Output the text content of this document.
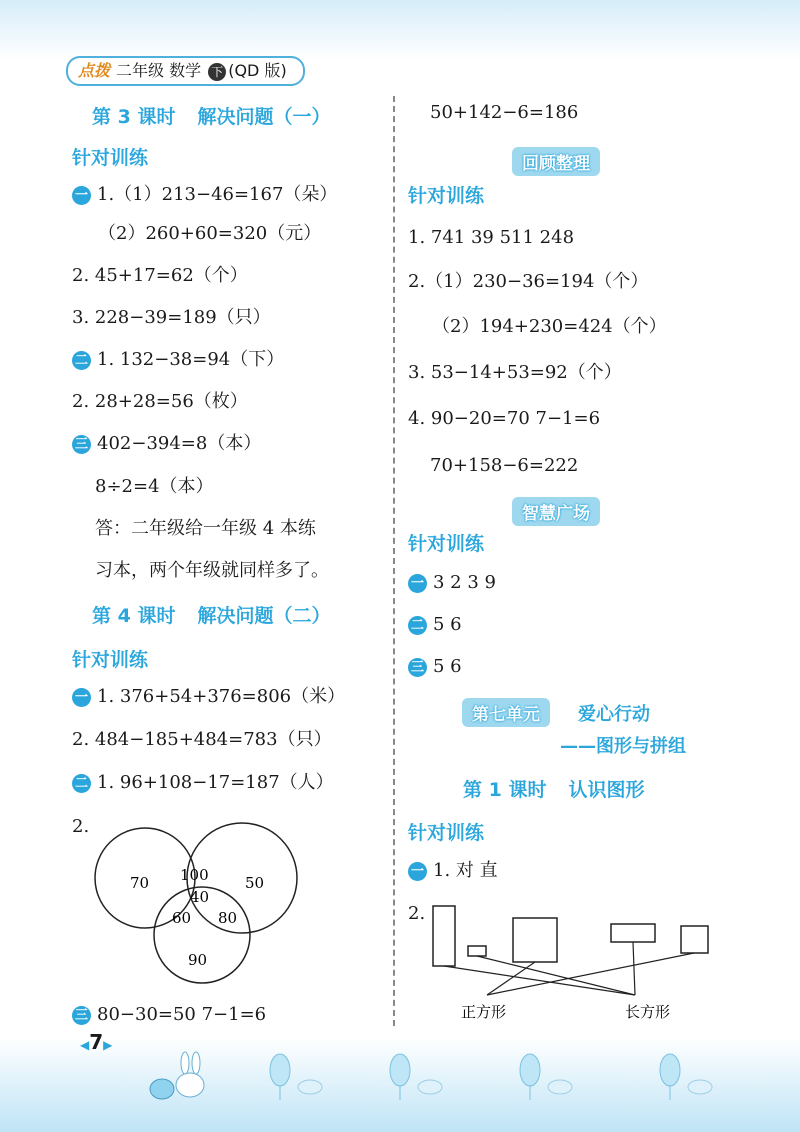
点拨 二年级 数学 下 (QD 版)
第 3 课时 解决问题（一）
针对训练
一 1.（1）213−46=167（朵）
（2）260+60=320（元）
2. 45+17=62（个）
3. 228−39=189（只）
二 1. 132−38=94（下）
2. 28+28=56（枚）
三 402−394=8（本）
8÷2=4（本）
答：二年级给一年级 4 本练
习本，两个年级就同样多了。
第 4 课时 解决问题（二）
针对训练
一 1. 376+54+376=806（米）
2. 484−185+484=783（只）
二 1. 96+108−17=187（人）
2.
70	50
90
100
40
60 80
三 80−30=50 7−1=6
◀7▶
50+142−6=186
回顾整理
针对训练
1. 741 39 511 248
2.（1）230−36=194（个）
（2）194+230=424（个）
3. 53−14+53=92（个）
4. 90−20=70 7−1=6
70+158−6=222
智慧广场
针对训练
一 3 2 3 9
二 5 6
三 5 6
第七单元	爱心行动
——图形与拼组
第 1 课时 认识图形
针对训练
一 1. 对 直
2.
正方形	长方形
